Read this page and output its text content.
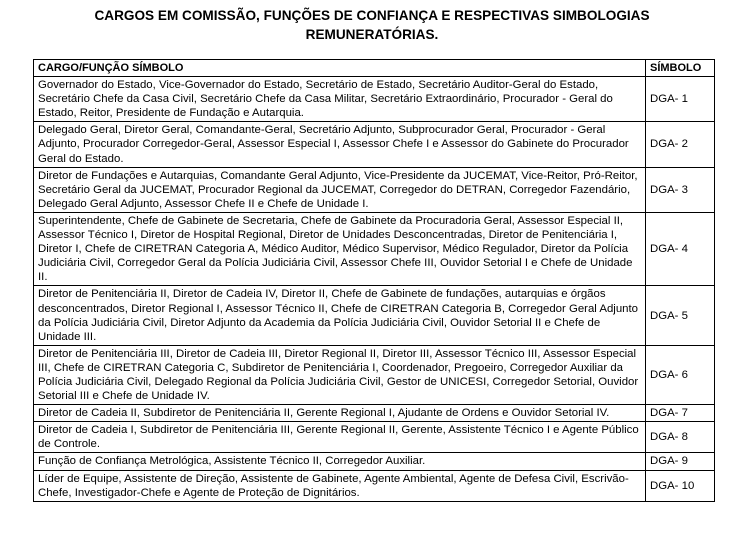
CARGOS EM COMISSÃO, FUNÇÕES DE CONFIANÇA E RESPECTIVAS SIMBOLOGIAS
REMUNERATÓRIAS.
CARGO/FUNÇÃO SÍMBOLO	SÍMBOLO
Governador do Estado, Vice-Governador do Estado, Secretário de Estado, Secretário Auditor-Geral do Estado, Secretário Chefe da Casa Civil, Secretário Chefe da Casa Militar, Secretário Extraordinário, Procurador - Geral do Estado, Reitor, Presidente de Fundação e Autarquia.	DGA- 1
Delegado Geral, Diretor Geral, Comandante-Geral, Secretário Adjunto, Subprocurador Geral, Procurador - Geral Adjunto, Procurador Corregedor-Geral, Assessor Especial I, Assessor Chefe I e Assessor do Gabinete do Procurador Geral do Estado.	DGA- 2
Diretor de Fundações e Autarquias, Comandante Geral Adjunto, Vice-Presidente da JUCEMAT, Vice-Reitor, Pró-Reitor, Secretário Geral da JUCEMAT, Procurador Regional da JUCEMAT, Corregedor do DETRAN, Corregedor Fazendário, Delegado Geral Adjunto, Assessor Chefe II e Chefe de Unidade I.	DGA- 3
Superintendente, Chefe de Gabinete de Secretaria, Chefe de Gabinete da Procuradoria Geral, Assessor Especial II, Assessor Técnico I, Diretor de Hospital Regional, Diretor de Unidades Desconcentradas, Diretor de Penitenciária I, Diretor I, Chefe de CIRETRAN Categoria A, Médico Auditor, Médico Supervisor, Médico Regulador, Diretor da Polícia Judiciária Civil, Corregedor Geral da Polícia Judiciária Civil, Assessor Chefe III, Ouvidor Setorial I e Chefe de Unidade II.	DGA- 4
Diretor de Penitenciária II, Diretor de Cadeia IV, Diretor II, Chefe de Gabinete de fundações, autarquias e órgãos desconcentrados, Diretor Regional I, Assessor Técnico II, Chefe de CIRETRAN Categoria B, Corregedor Geral Adjunto da Polícia Judiciária Civil, Diretor Adjunto da Academia da Polícia Judiciária Civil, Ouvidor Setorial II e Chefe de Unidade III.	DGA- 5
Diretor de Penitenciária III, Diretor de Cadeia III, Diretor Regional II, Diretor III, Assessor Técnico III, Assessor Especial III, Chefe de CIRETRAN Categoria C, Subdiretor de Penitenciária I, Coordenador, Pregoeiro, Corregedor Auxiliar da Polícia Judiciária Civil, Delegado Regional da Polícia Judiciária Civil, Gestor de UNICESI, Corregedor Setorial, Ouvidor Setorial III e Chefe de Unidade IV.	DGA- 6
Diretor de Cadeia II, Subdiretor de Penitenciária II, Gerente Regional I, Ajudante de Ordens e Ouvidor Setorial IV.	DGA- 7
Diretor de Cadeia I, Subdiretor de Penitenciária III, Gerente Regional II, Gerente, Assistente Técnico I e Agente Público de Controle.	DGA- 8
Função de Confiança Metrológica, Assistente Técnico II, Corregedor Auxiliar.	DGA- 9
Líder de Equipe, Assistente de Direção, Assistente de Gabinete, Agente Ambiental, Agente de Defesa Civil, Escrivão-Chefe, Investigador-Chefe e Agente de Proteção de Dignitários.	DGA- 10
